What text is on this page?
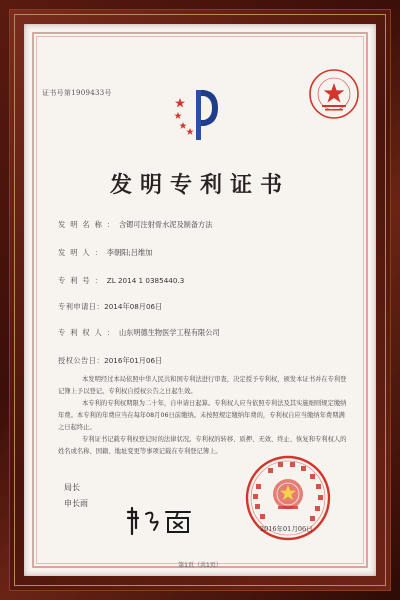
证书号第1909433号
发明专利证书
发明名称：含锶可注射骨水泥及制备方法
发明人：李朝阳;吕维加
专利号：ZL 2014 1 0385440.3
专利申请日：2014年08月06日
专利权人：山东明德生物医学工程有限公司
授权公告日：2016年01月06日
本发明经过本局依照中华人民共和国专利法进行审查，决定授予专利权，颁发本证书并在专利登记簿上予以登记。专利权自授权公告之日起生效。
本专利的专利权期限为二十年，自申请日起算。专利权人应当依照专利法及其实施细则规定缴纳年费。本专利的年费应当在每年08月06日前缴纳。未按照规定缴纳年费的，专利权自应当缴纳年费期满之日起终止。
专利证书记载专利权登记时的法律状况。专利权的转移、质押、无效、终止、恢复和专利权人的姓名或名称、国籍、地址变更等事项记载在专利登记簿上。
局长
申长雨
2016年01月06日
第1页（共1页）
